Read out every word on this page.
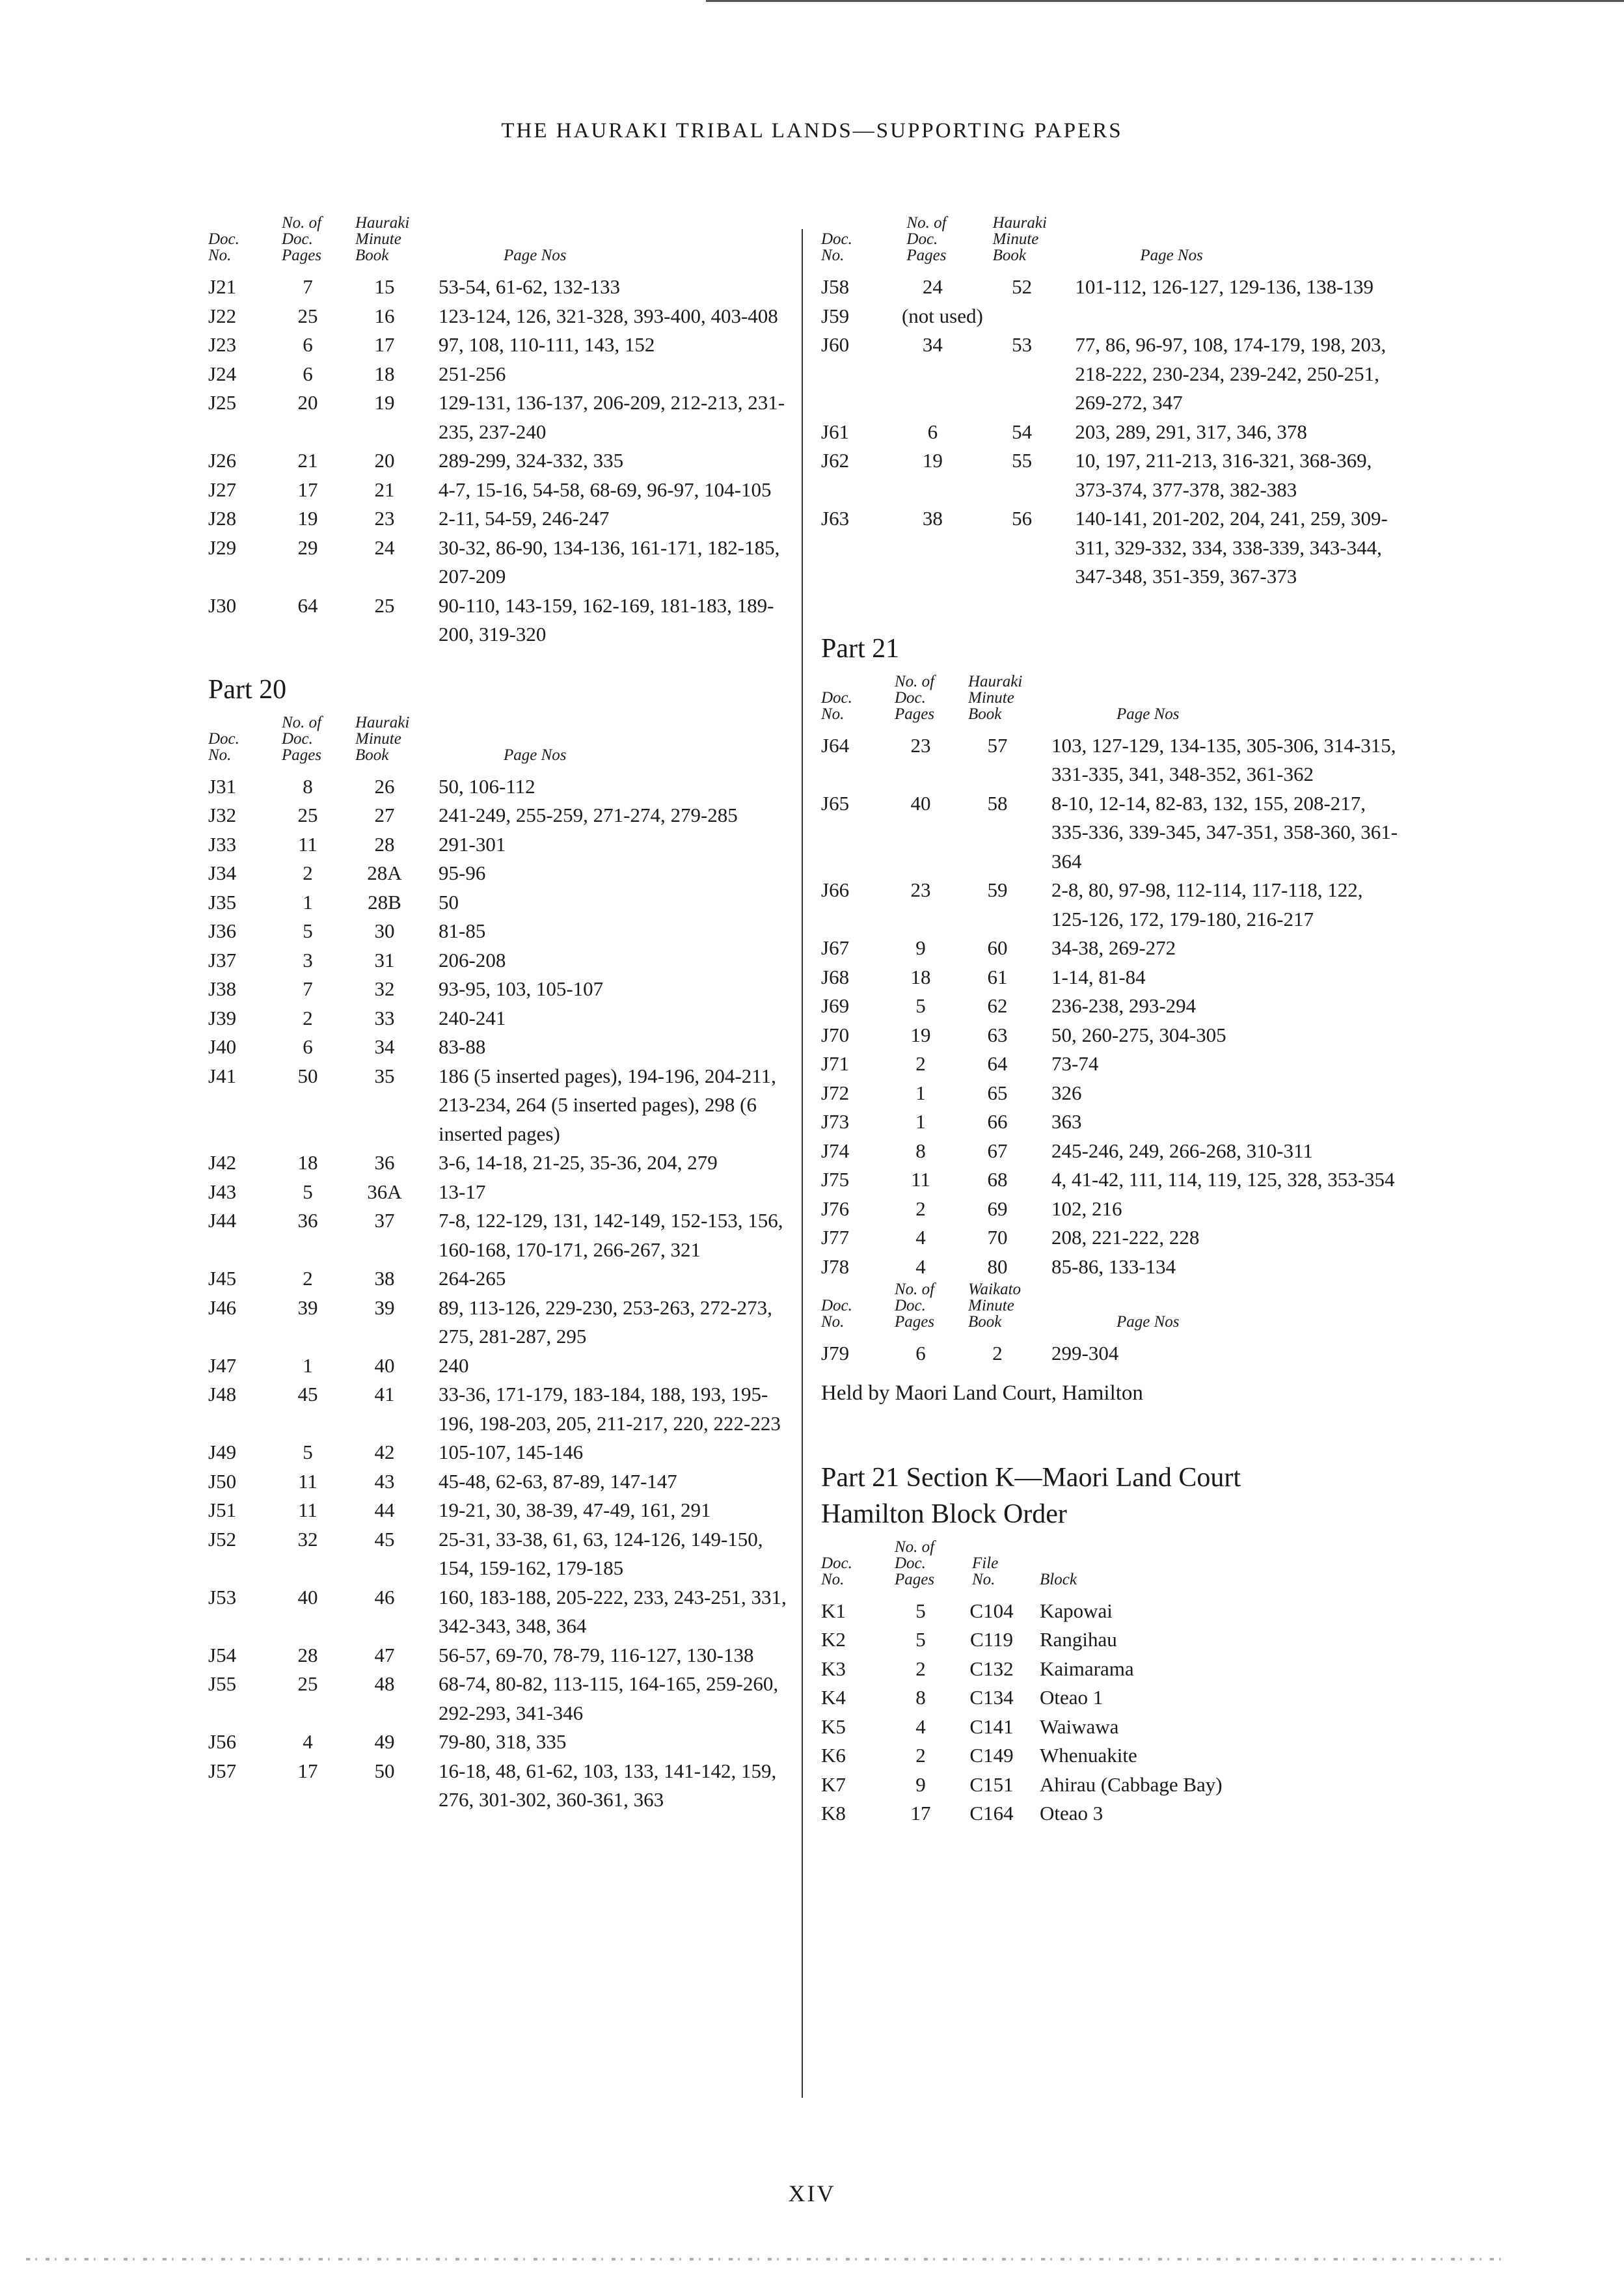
THE HAURAKI TRIBAL LANDS—SUPPORTING PAPERS
Doc. No.	No. of Doc. Pages	Hauraki Minute Book	Page Nos
J21	7	15	53-54, 61-62, 132-133
J22	25	16	123-124, 126, 321-328, 393-400, 403-408
J23	6	17	97, 108, 110-111, 143, 152
J24	6	18	251-256
J25	20	19	129-131, 136-137, 206-209, 212-213, 231-235, 237-240
J26	21	20	289-299, 324-332, 335
J27	17	21	4-7, 15-16, 54-58, 68-69, 96-97, 104-105
J28	19	23	2-11, 54-59, 246-247
J29	29	24	30-32, 86-90, 134-136, 161-171, 182-185, 207-209
J30	64	25	90-110, 143-159, 162-169, 181-183, 189-200, 319-320
Part 20
Doc. No.	No. of Doc. Pages	Hauraki Minute Book	Page Nos
J31	8	26	50, 106-112
J32	25	27	241-249, 255-259, 271-274, 279-285
J33	11	28	291-301
J34	2	28A	95-96
J35	1	28B	50
J36	5	30	81-85
J37	3	31	206-208
J38	7	32	93-95, 103, 105-107
J39	2	33	240-241
J40	6	34	83-88
J41	50	35	186 (5 inserted pages), 194-196, 204-211, 213-234, 264 (5 inserted pages), 298 (6 inserted pages)
J42	18	36	3-6, 14-18, 21-25, 35-36, 204, 279
J43	5	36A	13-17
J44	36	37	7-8, 122-129, 131, 142-149, 152-153, 156, 160-168, 170-171, 266-267, 321
J45	2	38	264-265
J46	39	39	89, 113-126, 229-230, 253-263, 272-273, 275, 281-287, 295
J47	1	40	240
J48	45	41	33-36, 171-179, 183-184, 188, 193, 195-196, 198-203, 205, 211-217, 220, 222-223
J49	5	42	105-107, 145-146
J50	11	43	45-48, 62-63, 87-89, 147-147
J51	11	44	19-21, 30, 38-39, 47-49, 161, 291
J52	32	45	25-31, 33-38, 61, 63, 124-126, 149-150, 154, 159-162, 179-185
J53	40	46	160, 183-188, 205-222, 233, 243-251, 331, 342-343, 348, 364
J54	28	47	56-57, 69-70, 78-79, 116-127, 130-138
J55	25	48	68-74, 80-82, 113-115, 164-165, 259-260, 292-293, 341-346
J56	4	49	79-80, 318, 335
J57	17	50	16-18, 48, 61-62, 103, 133, 141-142, 159, 276, 301-302, 360-361, 363
Doc. No.	No. of Doc. Pages	Hauraki Minute Book	Page Nos
J58	24	52	101-112, 126-127, 129-136, 138-139
J59	(not used)		
J60	34	53	77, 86, 96-97, 108, 174-179, 198, 203, 218-222, 230-234, 239-242, 250-251, 269-272, 347
J61	6	54	203, 289, 291, 317, 346, 378
J62	19	55	10, 197, 211-213, 316-321, 368-369, 373-374, 377-378, 382-383
J63	38	56	140-141, 201-202, 204, 241, 259, 309-311, 329-332, 334, 338-339, 343-344, 347-348, 351-359, 367-373
Part 21
Doc. No.	No. of Doc. Pages	Hauraki Minute Book	Page Nos
J64	23	57	103, 127-129, 134-135, 305-306, 314-315, 331-335, 341, 348-352, 361-362
J65	40	58	8-10, 12-14, 82-83, 132, 155, 208-217, 335-336, 339-345, 347-351, 358-360, 361-364
J66	23	59	2-8, 80, 97-98, 112-114, 117-118, 122, 125-126, 172, 179-180, 216-217
J67	9	60	34-38, 269-272
J68	18	61	1-14, 81-84
J69	5	62	236-238, 293-294
J70	19	63	50, 260-275, 304-305
J71	2	64	73-74
J72	1	65	326
J73	1	66	363
J74	8	67	245-246, 249, 266-268, 310-311
J75	11	68	4, 41-42, 111, 114, 119, 125, 328, 353-354
J76	2	69	102, 216
J77	4	70	208, 221-222, 228
J78	4	80	85-86, 133-134
Doc. No.	No. of Doc. Pages	Waikato Minute Book	Page Nos
J79	6	2	299-304
Held by Maori Land Court, Hamilton
Part 21 Section K—Maori Land Court
Hamilton Block Order
Doc. No.	No. of Doc. Pages	File No.	Block
K1	5	C104	Kapowai
K2	5	C119	Rangihau
K3	2	C132	Kaimarama
K4	8	C134	Oteao 1
K5	4	C141	Waiwawa
K6	2	C149	Whenuakite
K7	9	C151	Ahirau (Cabbage Bay)
K8	17	C164	Oteao 3
XIV
